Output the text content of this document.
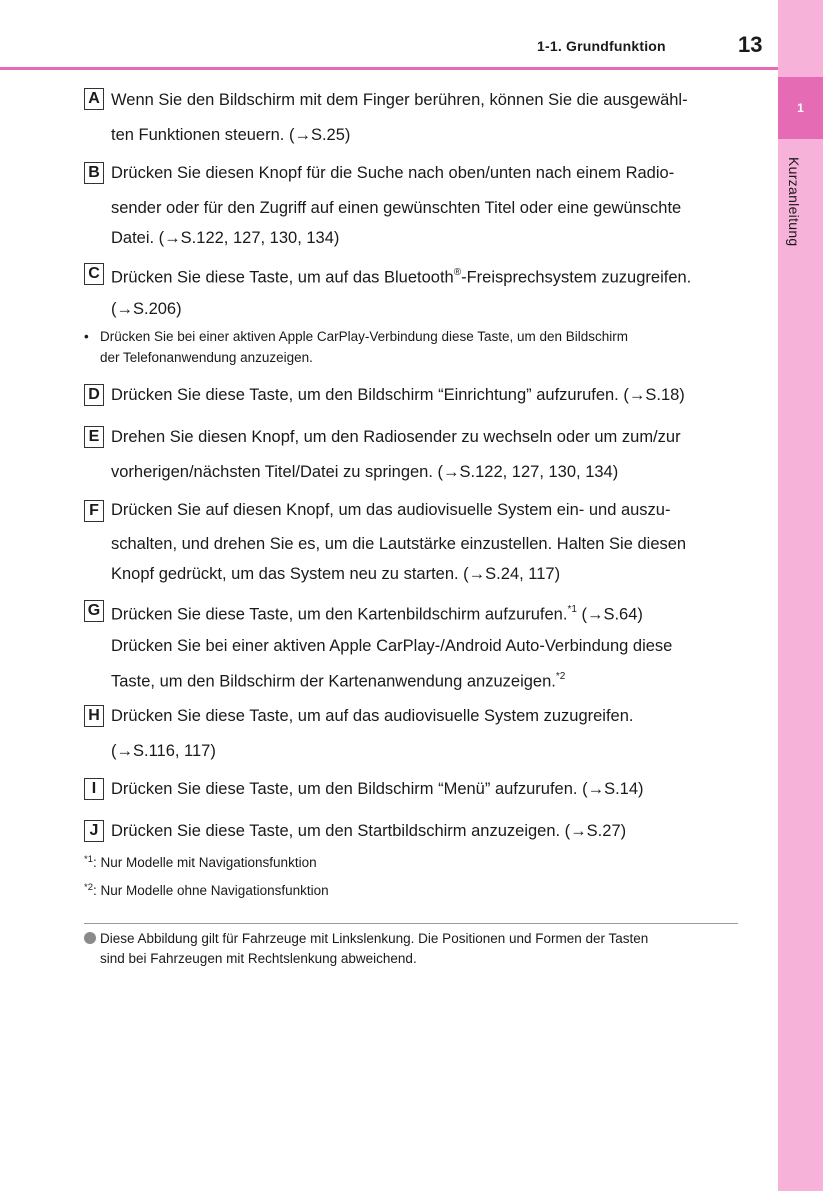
1-1. Grundfunktion	13
1
Kurzanleitung
A Wenn Sie den Bildschirm mit dem Finger berühren, können Sie die ausgewähl-
ten Funktionen steuern. (→S.25)
B Drücken Sie diesen Knopf für die Suche nach oben/unten nach einem Radio-
sender oder für den Zugriff auf einen gewünschten Titel oder eine gewünschte
Datei. (→S.122, 127, 130, 134)
C Drücken Sie diese Taste, um auf das Bluetooth®-Freisprechsystem zuzugreifen.
(→S.206)
• Drücken Sie bei einer aktiven Apple CarPlay-Verbindung diese Taste, um den Bildschirm
der Telefonanwendung anzuzeigen.
D Drücken Sie diese Taste, um den Bildschirm “Einrichtung” aufzurufen. (→S.18)
E Drehen Sie diesen Knopf, um den Radiosender zu wechseln oder um zum/zur
vorherigen/nächsten Titel/Datei zu springen. (→S.122, 127, 130, 134)
F Drücken Sie auf diesen Knopf, um das audiovisuelle System ein- und auszu-
schalten, und drehen Sie es, um die Lautstärke einzustellen. Halten Sie diesen
Knopf gedrückt, um das System neu zu starten. (→S.24, 117)
G Drücken Sie diese Taste, um den Kartenbildschirm aufzurufen.$^{*1}$ (→S.64)
Drücken Sie bei einer aktiven Apple CarPlay-/Android Auto-Verbindung diese
Taste, um den Bildschirm der Kartenanwendung anzuzeigen.$^{*2}$
H Drücken Sie diese Taste, um auf das audiovisuelle System zuzugreifen.
(→S.116, 117)
I Drücken Sie diese Taste, um den Bildschirm “Menü” aufzurufen. (→S.14)
J Drücken Sie diese Taste, um den Startbildschirm anzuzeigen. (→S.27)
$^{*1}$: Nur Modelle mit Navigationsfunktion
$^{*2}$: Nur Modelle ohne Navigationsfunktion
Diese Abbildung gilt für Fahrzeuge mit Linkslenkung. Die Positionen und Formen der Tasten
sind bei Fahrzeugen mit Rechtslenkung abweichend.
